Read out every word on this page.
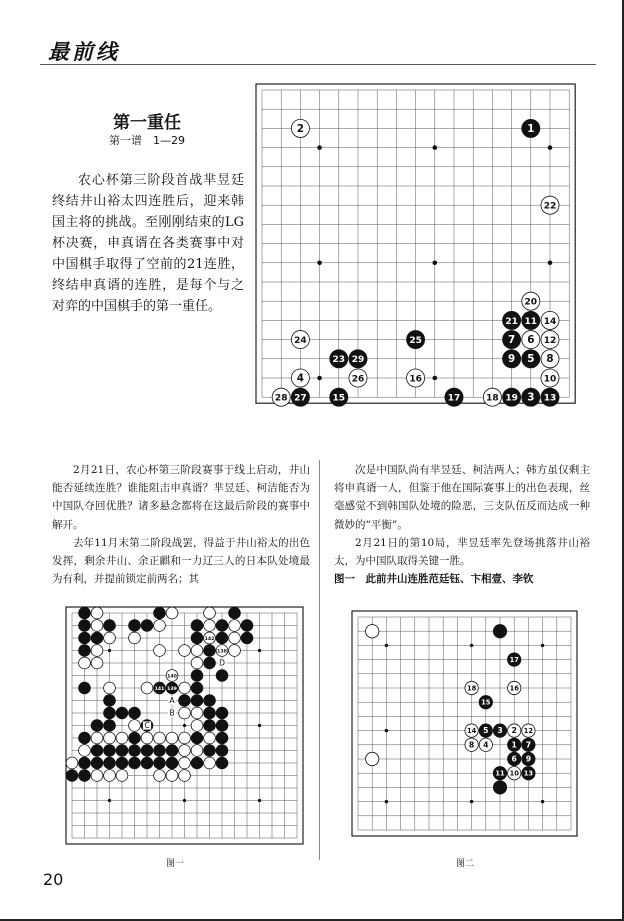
最前线
第一重任
第一谱　1—29
农心杯第三阶段首战芈昱廷终结井山裕太四连胜后，迎来韩国主将的挑战。至刚刚结束的LG杯决赛，申真谞在各类赛事中对中国棋手取得了空前的21连胜，终结申真谞的连胜，是每个与之对弈的中国棋手的第一重任。
1
2
3
4
5
6
7
8
9
10
11
12
13
14
15
16
17	18 19
20
21
22
23
24	25
26
27
28
29

2月21日，农心杯第三阶段赛事于线上启动，井山能否延续连胜？谁能阻击申真谞？芈昱廷、柯洁能否为中国队夺回优胜？诸多悬念都将在这最后阶段的赛事中解开。

去年11月末第二阶段战罢，得益于井山裕太的出色发挥，剩余井山、余正麒和一力辽三人的日本队处境最为有利，并提前锁定前两名；其

次是中国队尚有芈昱廷、柯洁两人；韩方虽仅剩主将申真谞一人，但鉴于他在国际赛事上的出色表现，丝毫感觉不到韩国队处境的险恶，三支队伍反而达成一种微妙的“平衡”。

2月21日的第10局，芈昱廷率先登场挑落井山裕太，为中国队取得关键一胜。

图一　此前井山连胜范廷钰、卞相壹、李钦
140
141 139
138
142
A
B
C
D
图一
15
16
17
18
14 5 3 2 12
8 4	1 7
6 9
11 10 13
图二
20
